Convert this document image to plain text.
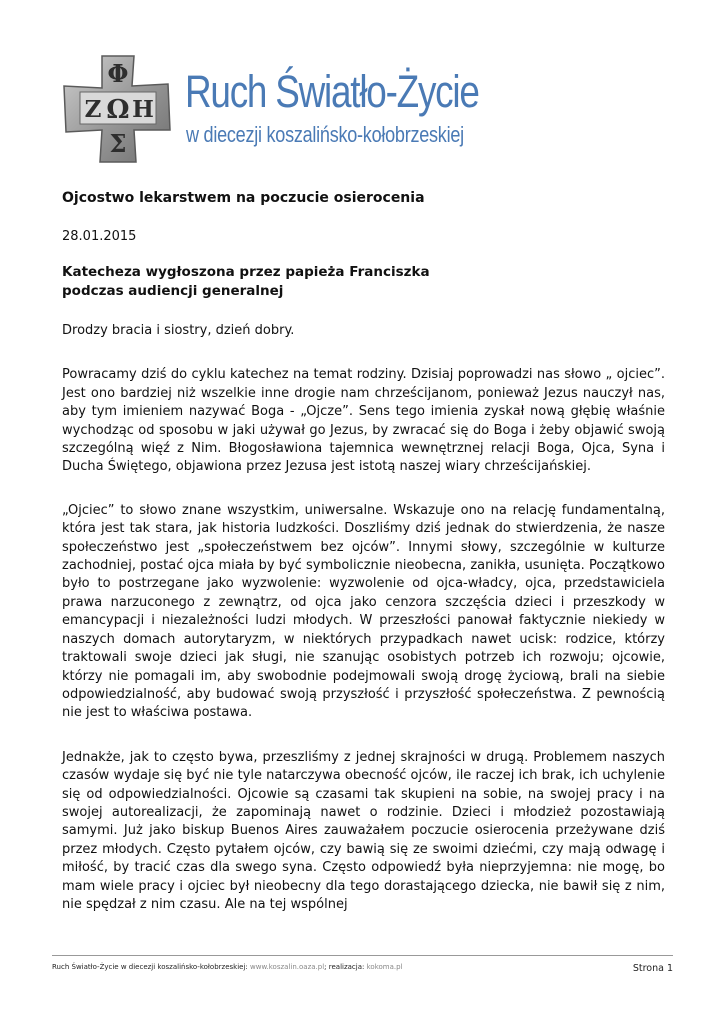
Φ
Ζ Ω Η
Σ
Ruch Światło-Życie
w diecezji koszalińsko-kołobrzeskiej
Ojcostwo lekarstwem na poczucie osierocenia
28.01.2015
Katecheza wygłoszona przez papieża Franciszka
podczas audiencji generalnej

Drodzy bracia i siostry, dzień dobry.

Powracamy dziś do cyklu katechez na temat rodziny. Dzisiaj poprowadzi nas słowo „ ojciec”. Jest ono bardziej niż wszelkie inne drogie nam chrześcijanom, ponieważ Jezus nauczył nas, aby tym imieniem nazywać Boga - „Ojcze”. Sens tego imienia zyskał nową głębię właśnie wychodząc od sposobu w jaki używał go Jezus, by zwracać się do Boga i żeby objawić swoją szczególną więź z Nim. Błogosławiona tajemnica wewnętrznej relacji Boga, Ojca, Syna i Ducha Świętego, objawiona przez Jezusa jest istotą naszej wiary chrześcijańskiej.

„Ojciec” to słowo znane wszystkim, uniwersalne. Wskazuje ono na relację fundamentalną, która jest tak stara, jak historia ludzkości. Doszliśmy dziś jednak do stwierdzenia, że nasze społeczeństwo jest „społeczeństwem bez ojców”. Innymi słowy, szczególnie w kulturze zachodniej, postać ojca miała by być symbolicznie nieobecna, zanikła, usunięta. Początkowo było to postrzegane jako wyzwolenie: wyzwolenie od ojca-władcy, ojca, przedstawiciela prawa narzuconego z zewnątrz, od ojca jako cenzora szczęścia dzieci i przeszkody w emancypacji i niezależności ludzi młodych. W przeszłości panował faktycznie niekiedy w naszych domach autorytaryzm, w niektórych przypadkach nawet ucisk: rodzice, którzy traktowali swoje dzieci jak sługi, nie szanując osobistych potrzeb ich rozwoju; ojcowie, którzy nie pomagali im, aby swobodnie podejmowali swoją drogę życiową, brali na siebie odpowiedzialność, aby budować swoją przyszłość i przyszłość społeczeństwa. Z pewnością nie jest to właściwa postawa.

Jednakże, jak to często bywa, przeszliśmy z jednej skrajności w drugą. Problemem naszych czasów wydaje się być nie tyle natarczywa obecność ojców, ile raczej ich brak, ich uchylenie się od odpowiedzialności. Ojcowie są czasami tak skupieni na sobie, na swojej pracy i na swojej autorealizacji, że zapominają nawet o rodzinie. Dzieci i młodzież pozostawiają samymi. Już jako biskup Buenos Aires zauważałem poczucie osierocenia przeżywane dziś przez młodych. Często pytałem ojców, czy bawią się ze swoimi dziećmi, czy mają odwagę i miłość, by tracić czas dla swego syna. Często odpowiedź była nieprzyjemna: nie mogę, bo mam wiele pracy i ojciec był nieobecny dla tego dorastającego dziecka, nie bawił się z nim, nie spędzał z nim czasu. Ale na tej wspólnej

Ruch Światło-Życie w diecezji koszalińsko-kołobrzeskiej: www.koszalin.oaza.pl; realizacja: kokoma.pl	Strona 1
